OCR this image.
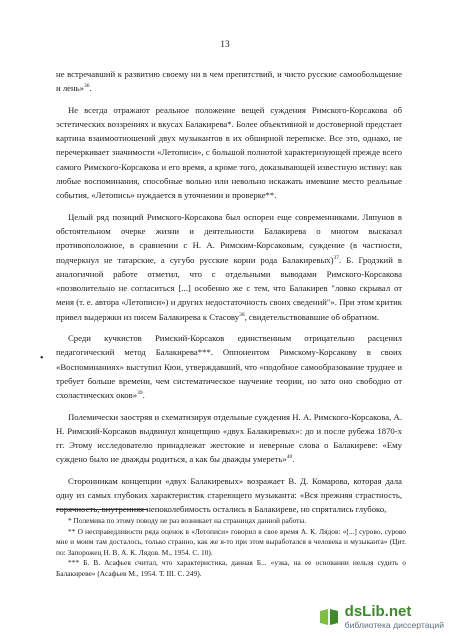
13
•

не встречавший к развитию своему ни в чем препятствий, и чисто русские самообольщение и лень»$^{36}$.

Не всегда отражают реальное положение вещей суждения Римского-Корсакова об эстетических воззрениях и вкусах Балакирева*. Более объективной и достоверной предстает картина взаимоотношений двух музыкантов в их обширной переписке. Все это, однако, не перечеркивает значимости «Летописи», с большой полнотой характеризующей прежде всего самого Римского-Корсакова и его время, а кроме того, доказывающей известную истину: как любые воспоминания, способные вольно или невольно искажать имевшие место реальные события, «Летопись» нуждается в уточнении и проверке**.

Целый ряд позиций Римского-Корсакова был оспорен еще современниками. Ляпунов в обстоятельном очерке жизни и деятельности Балакирева о многом высказал противоположное, в сравнении с Н. А. Римским-Корсаковым, суждение (в частности, подчеркнул не татарские, а сугубо русские корни рода Балакиревых)$^{37}$. Б. Гродзкий в аналогичной работе отметил, что с отдельными выводами Римского-Корсакова «позволительно не согласиться [...] особенно же с тем, что Балакирев "ловко скрывал от меня (т. е. автора «Летописи») и других недостаточность своих сведений"». При этом критик привел выдержки из писем Балакирева к Стасову$^{38}$, свидетельствовавшие об обратном.

Среди кучкистов Римский-Корсаков единственным отрицательно расценил педагогический метод Балакирева***. Оппонентом Римскому-Корсакову в своих «Воспоминаниях» выступил Кюи, утверждавший, что «подобное самообразование труднее и требует больше времени, чем систематическое научение теории, но зато оно свободно от схоластических оков»$^{39}$.

Полемически заостряя и схематизируя отдельные суждения Н. А. Римского-Корсакова, А. Н. Римский-Корсаков выдвинул концепцию «двух Балакиревых»: до и после рубежа 1870-х гг. Этому исследователю принадлежат жестокие и неверные слова о Балакиреве: «Ему суждено было не дважды родиться, а как бы дважды умереть»$^{40}$.

Сторонникам концепции «двух Балакиревых» возражает В. Д. Комарова, которая дала одну из самых глубоких характеристик стареющего музыканта: «Вся прежняя страстность, горячность, внутренняя непоколебимость остались в Балакиреве, но спрятались глубоко,

* Полемика по этому поводу не раз возникает на страницах данной работы.

** О несправедливости ряда оценок в «Летописи» говорил в свое время А. К. Лядов: «[...] суровo, сурово мне и моим там досталось, только странно, как же я-то при этом выработался в человека и музыканта» (Цит. по: Запорожец Н. В. А. К. Лядов. М., 1954. С. 10).

*** Б. В. Асафьев считал, что характеристика, данная Б... «узка, на ее основании нельзя судить о Балакиреве» (Асафьев М., 1954. Т. III. С. 249).

dsLib.net
библиотека диссертаций
